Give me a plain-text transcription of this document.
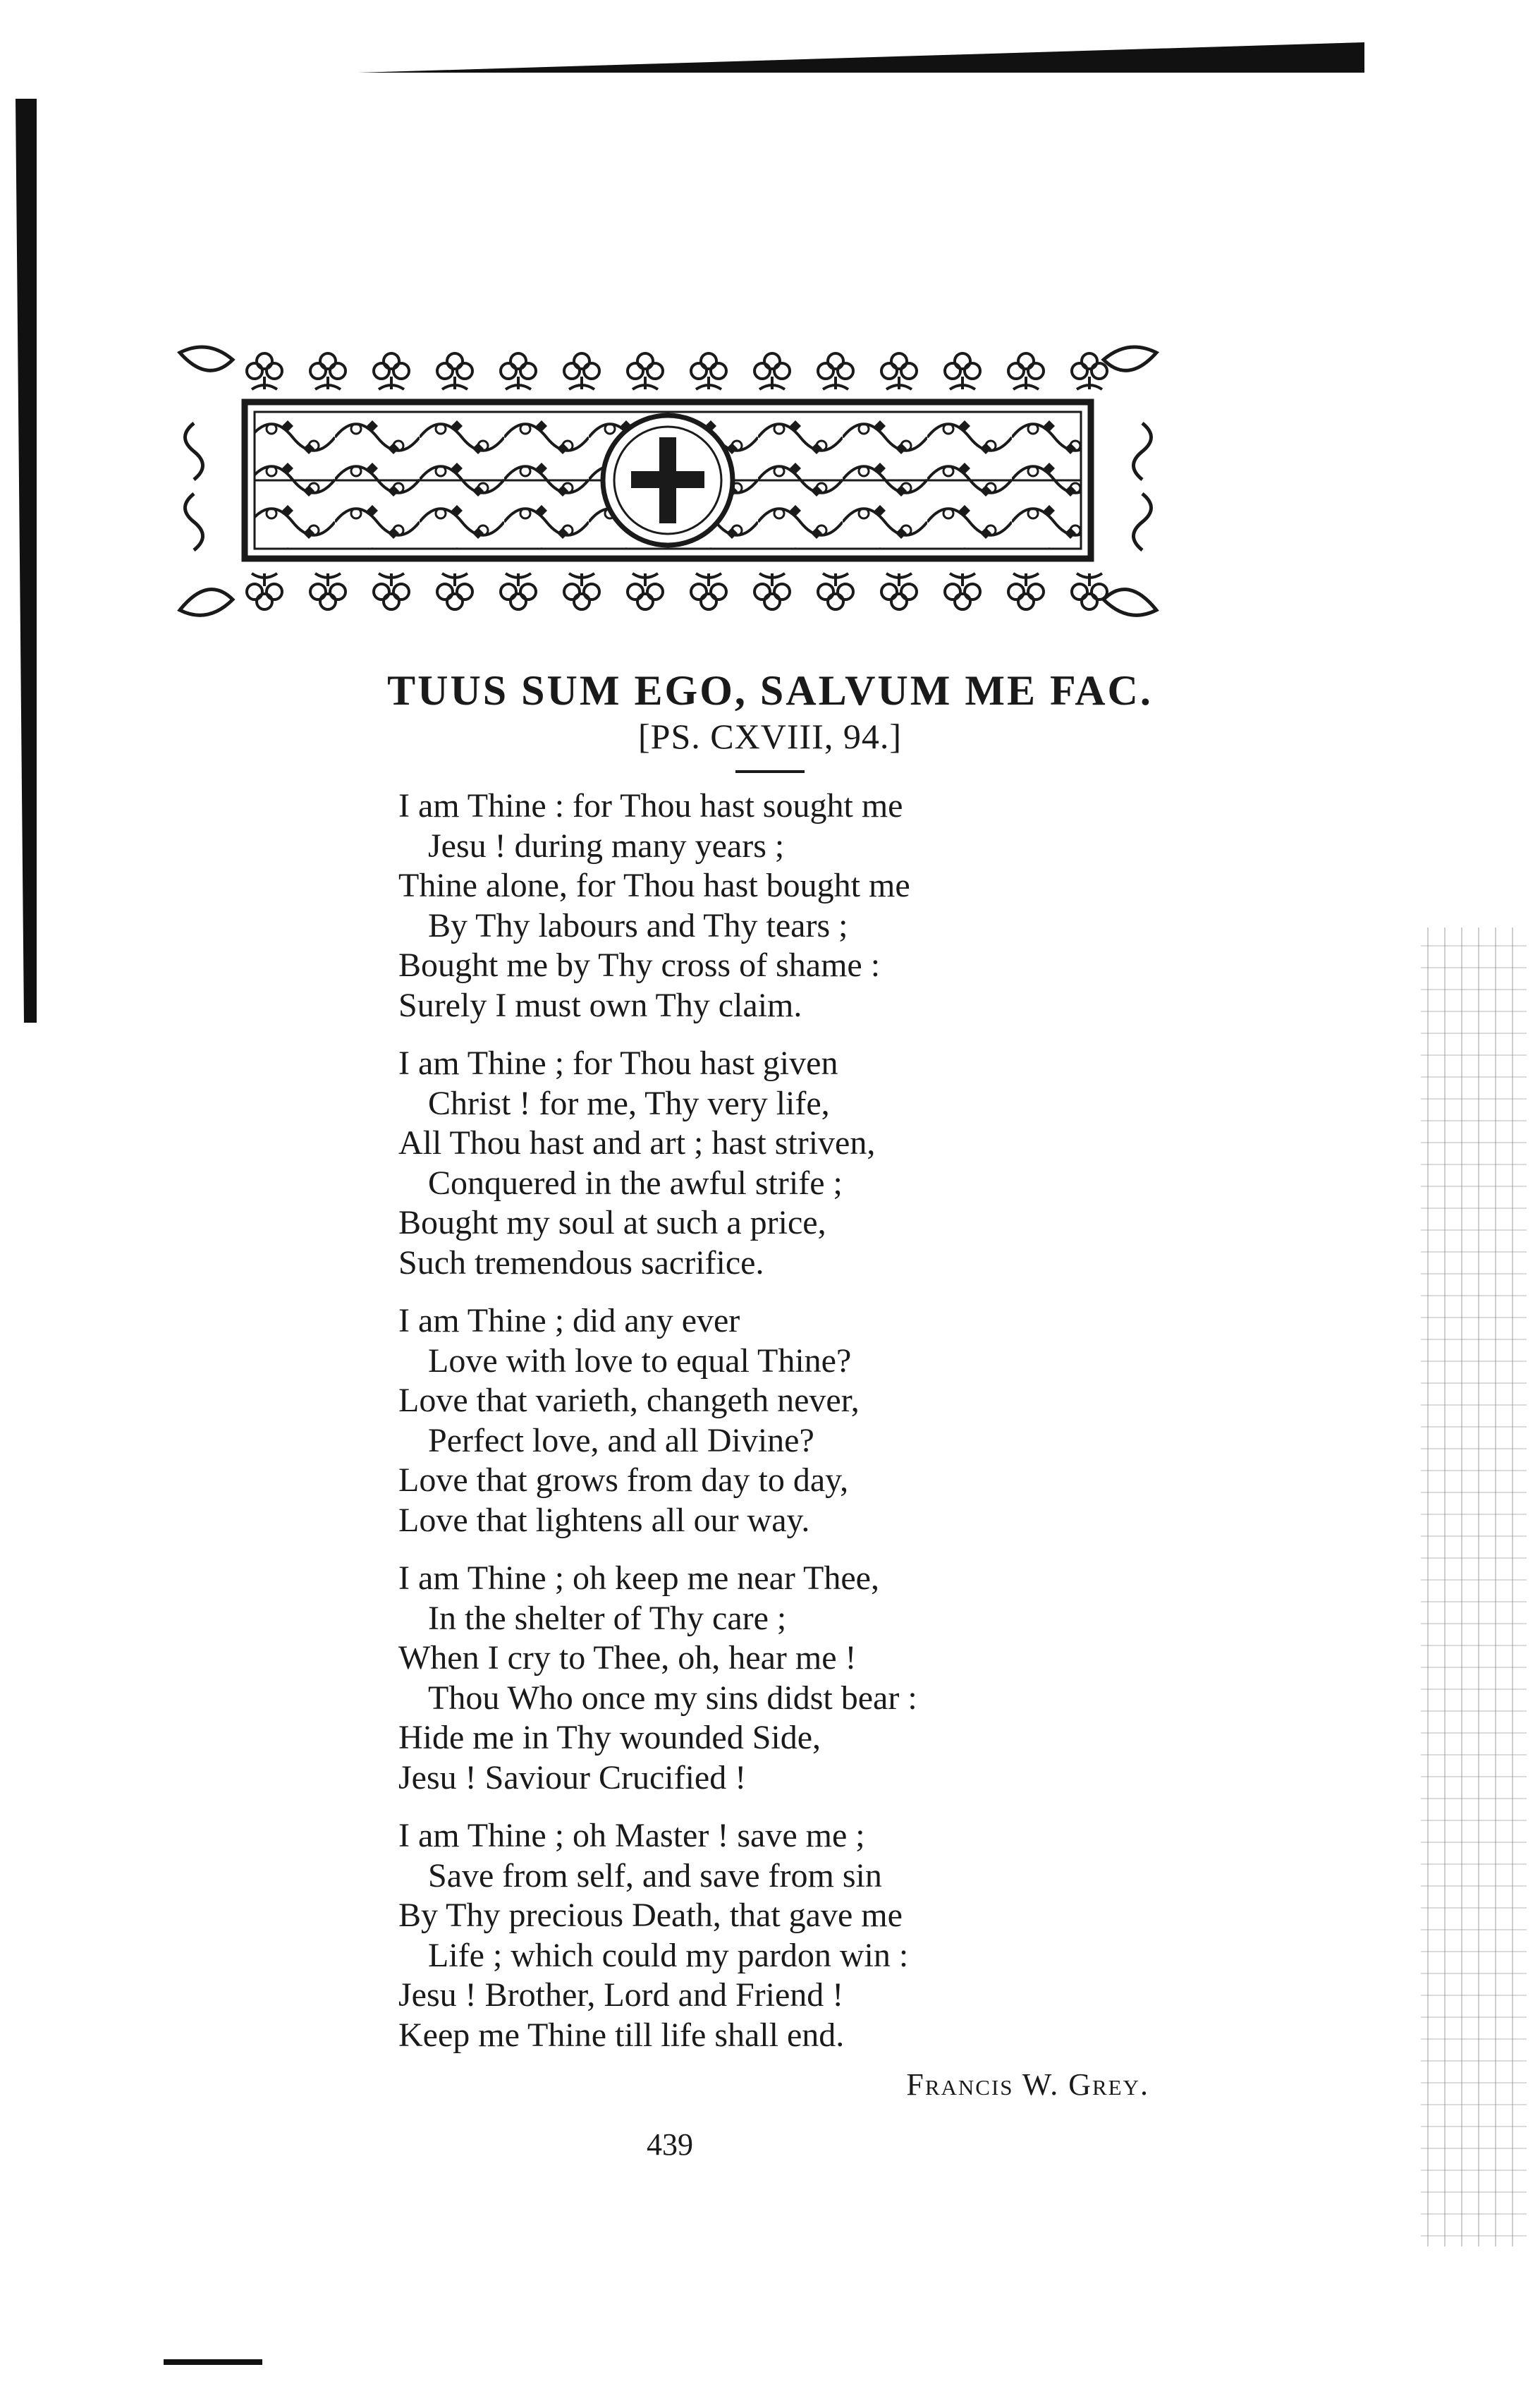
TUUS SUM EGO, SALVUM ME FAC.
[PS. CXVIII, 94.]
I am Thine : for Thou hast sought me
Jesu ! during many years ;
Thine alone, for Thou hast bought me
By Thy labours and Thy tears ;
Bought me by Thy cross of shame :
Surely I must own Thy claim.
I am Thine ; for Thou hast given
Christ ! for me, Thy very life,
All Thou hast and art ; hast striven,
Conquered in the awful strife ;
Bought my soul at such a price,
Such tremendous sacrifice.
I am Thine ; did any ever
Love with love to equal Thine?
Love that varieth, changeth never,
Perfect love, and all Divine?
Love that grows from day to day,
Love that lightens all our way.
I am Thine ; oh keep me near Thee,
In the shelter of Thy care ;
When I cry to Thee, oh, hear me !
Thou Who once my sins didst bear :
Hide me in Thy wounded Side,
Jesu ! Saviour Crucified !
I am Thine ; oh Master ! save me ;
Save from self, and save from sin
By Thy precious Death, that gave me
Life ; which could my pardon win :
Jesu ! Brother, Lord and Friend !
Keep me Thine till life shall end.
Francis W. Grey.
439
